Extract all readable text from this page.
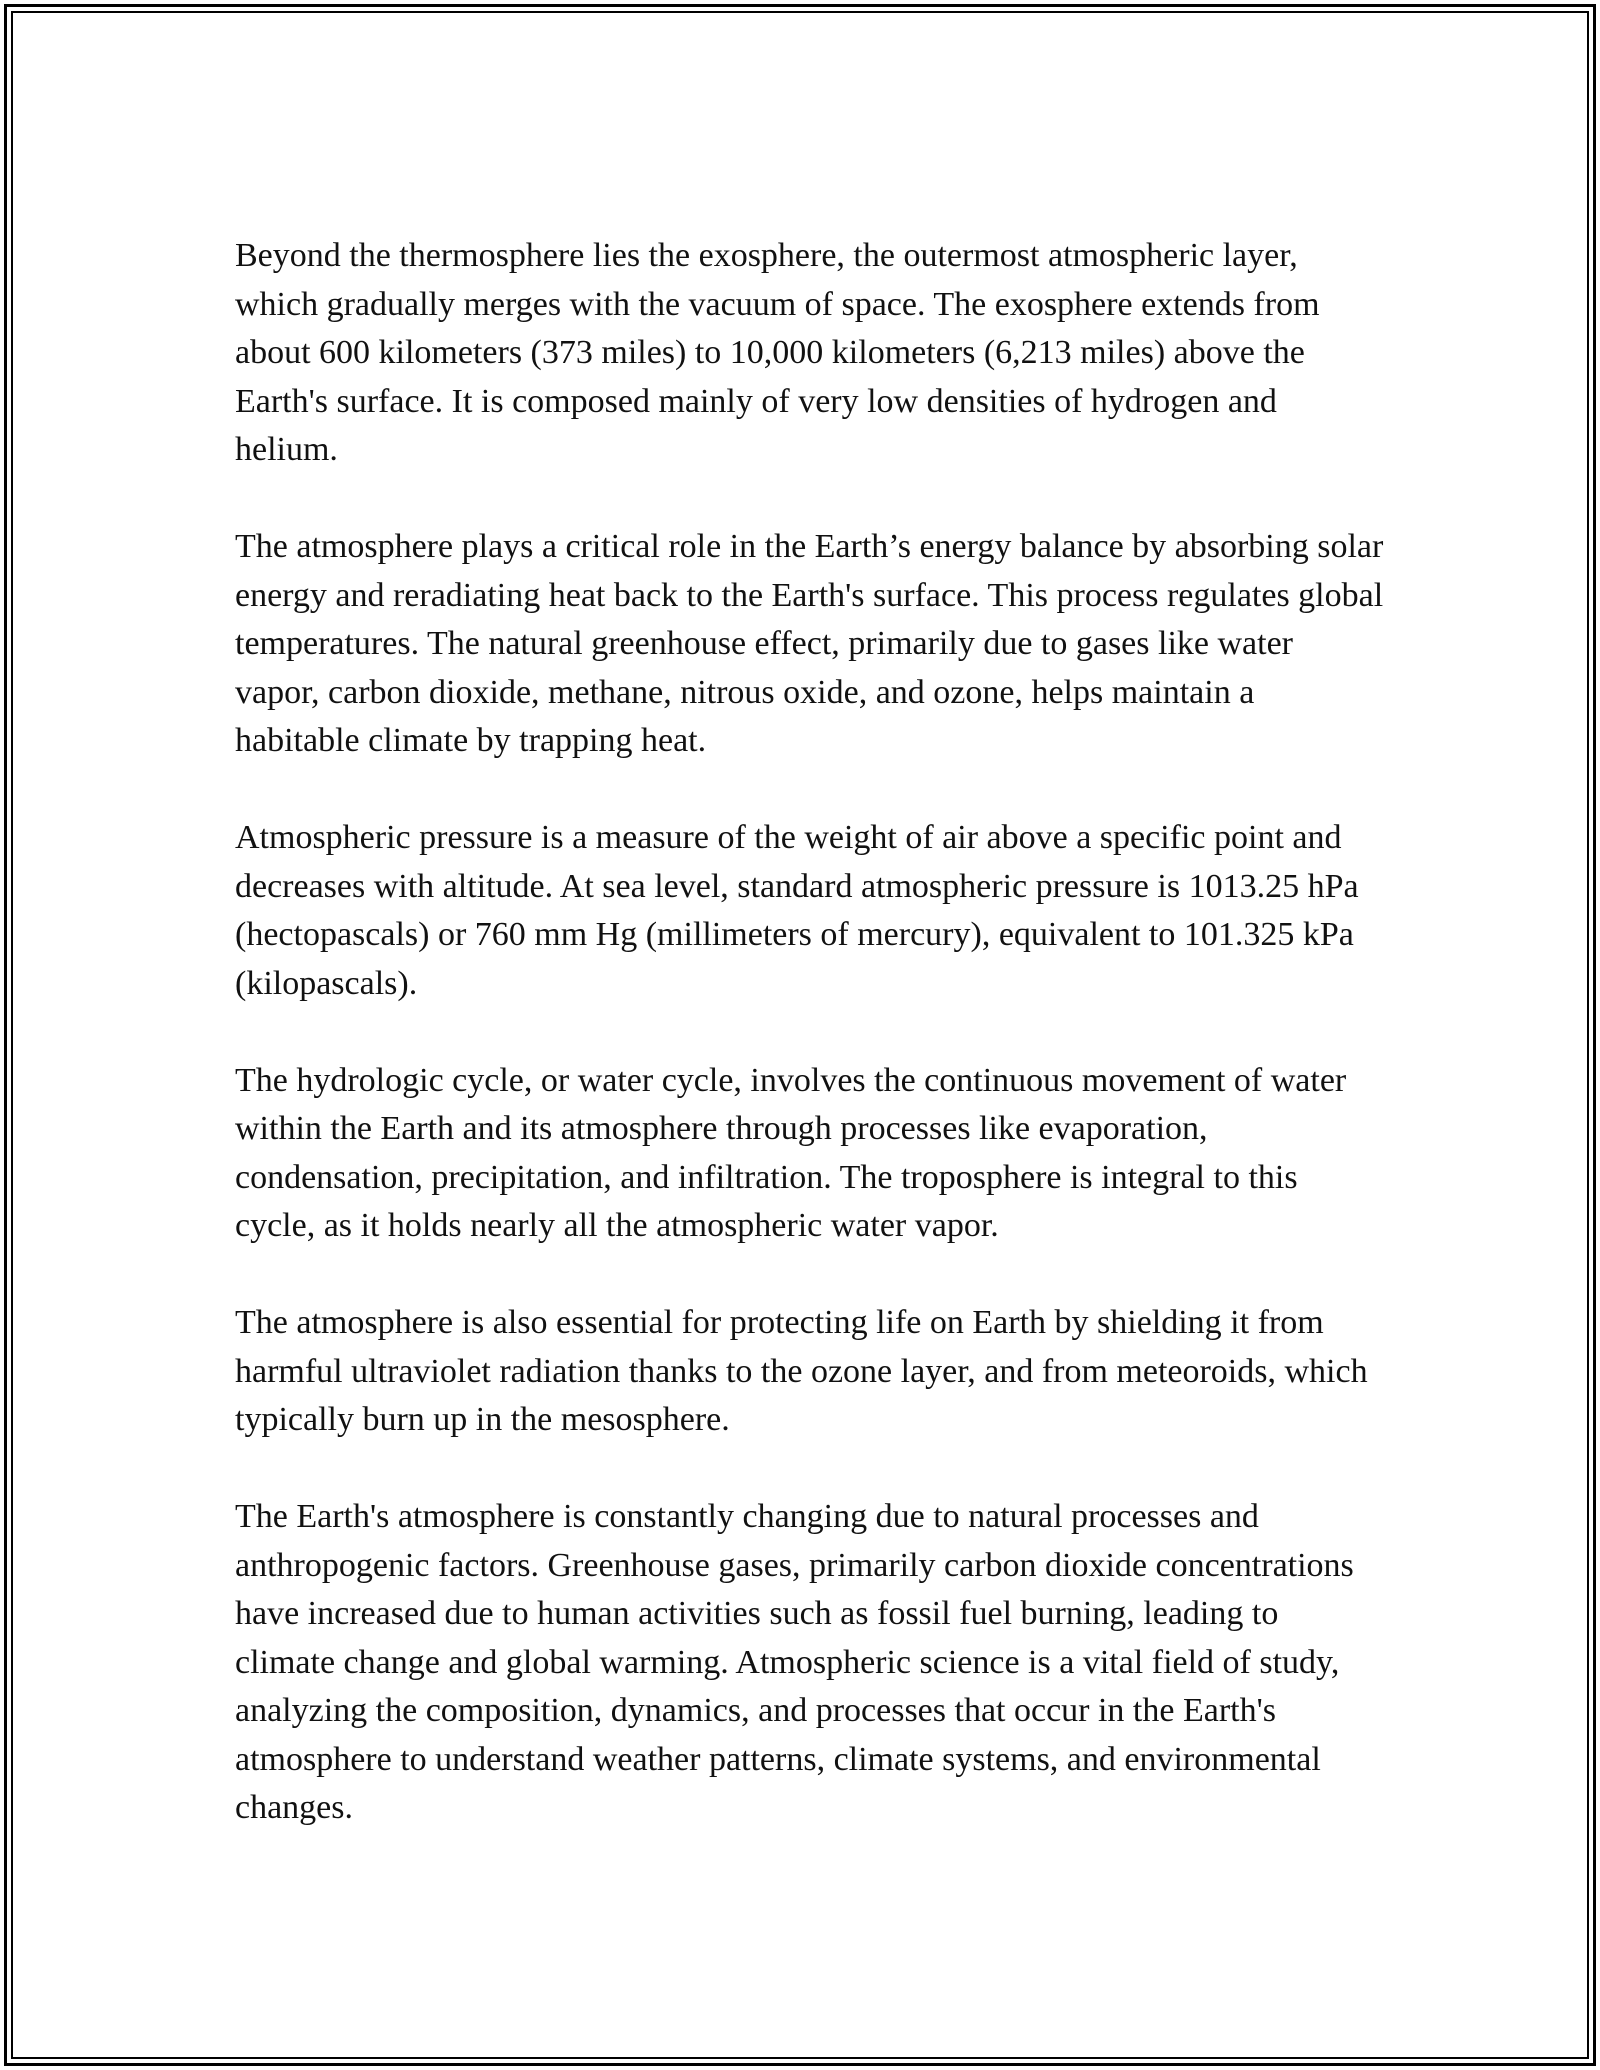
Beyond the thermosphere lies the exosphere, the outermost atmospheric layer, which gradually merges with the vacuum of space. The exosphere extends from about 600 kilometers (373 miles) to 10,000 kilometers (6,213 miles) above the Earth's surface. It is composed mainly of very low densities of hydrogen and helium.

The atmosphere plays a critical role in the Earth’s energy balance by absorbing solar energy and reradiating heat back to the Earth's surface. This process regulates global temperatures. The natural greenhouse effect, primarily due to gases like water vapor, carbon dioxide, methane, nitrous oxide, and ozone, helps maintain a habitable climate by trapping heat.

Atmospheric pressure is a measure of the weight of air above a specific point and decreases with altitude. At sea level, standard atmospheric pressure is 1013.25 hPa (hectopascals) or 760 mm Hg (millimeters of mercury), equivalent to 101.325 kPa (kilopascals).

The hydrologic cycle, or water cycle, involves the continuous movement of water within the Earth and its atmosphere through processes like evaporation, condensation, precipitation, and infiltration. The troposphere is integral to this cycle, as it holds nearly all the atmospheric water vapor.

The atmosphere is also essential for protecting life on Earth by shielding it from harmful ultraviolet radiation thanks to the ozone layer, and from meteoroids, which typically burn up in the mesosphere.

The Earth's atmosphere is constantly changing due to natural processes and anthropogenic factors. Greenhouse gases, primarily carbon dioxide concentrations have increased due to human activities such as fossil fuel burning, leading to climate change and global warming. Atmospheric science is a vital field of study, analyzing the composition, dynamics, and processes that occur in the Earth's atmosphere to understand weather patterns, climate systems, and environmental changes.
